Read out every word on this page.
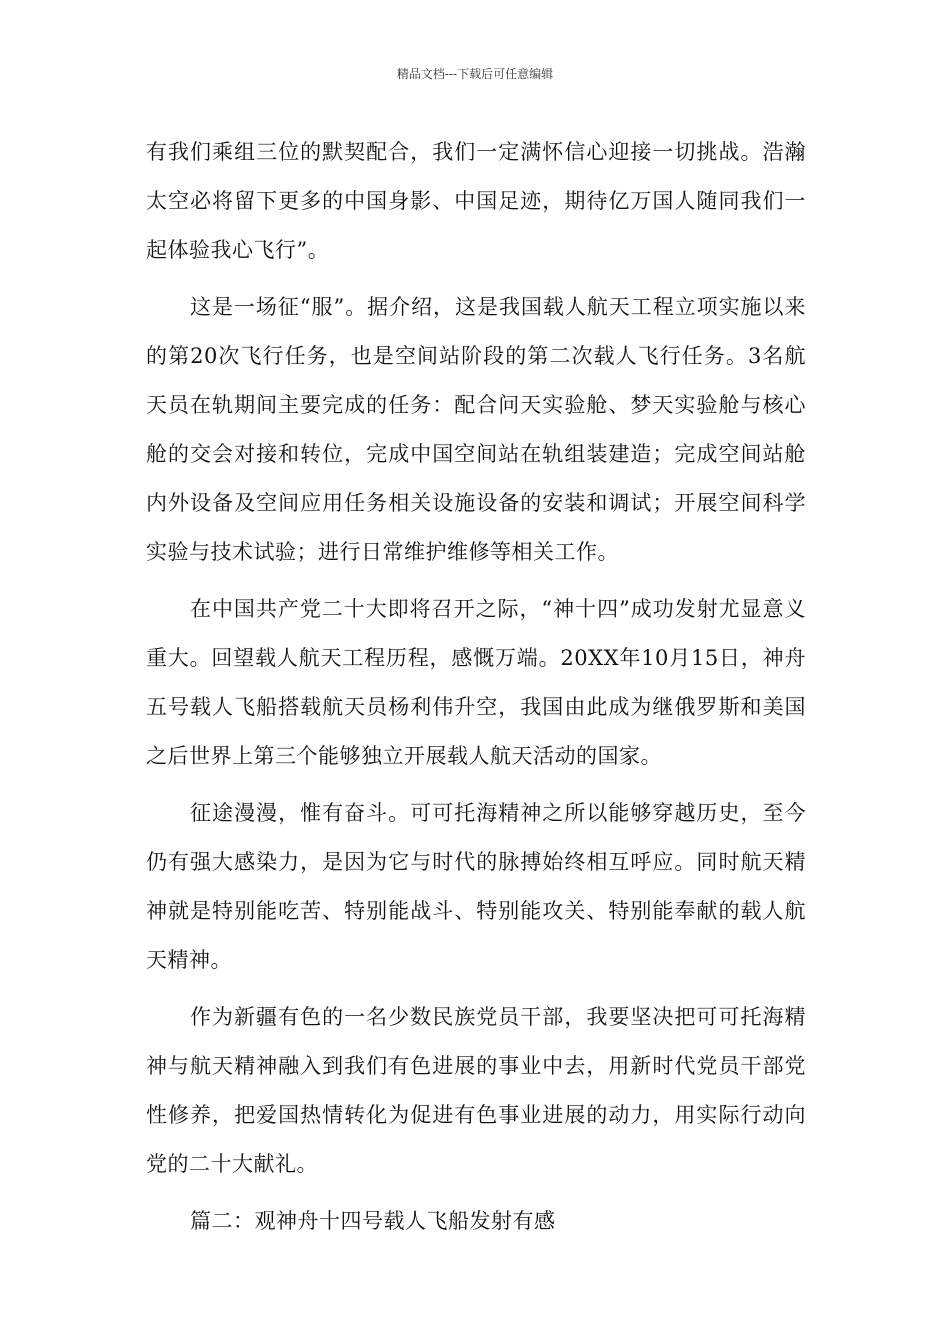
精品文档---下载后可任意编辑

有我们乘组三位的默契配合，我们一定满怀信心迎接一切挑战。浩瀚太空必将留下更多的中国身影、中国足迹，期待亿万国人随同我们一起体验我心飞行”。

这是一场征“服”。据介绍，这是我国载人航天工程立项实施以来的第20次飞行任务，也是空间站阶段的第二次载人飞行任务。3名航天员在轨期间主要完成的任务：配合问天实验舱、梦天实验舱与核心舱的交会对接和转位，完成中国空间站在轨组装建造；完成空间站舱内外设备及空间应用任务相关设施设备的安装和调试；开展空间科学实验与技术试验；进行日常维护维修等相关工作。

在中国共产党二十大即将召开之际，“神十四”成功发射尤显意义重大。回望载人航天工程历程，感慨万端。20XX年10月15日，神舟五号载人飞船搭载航天员杨利伟升空，我国由此成为继俄罗斯和美国之后世界上第三个能够独立开展载人航天活动的国家。

征途漫漫，惟有奋斗。可可托海精神之所以能够穿越历史，至今仍有强大感染力，是因为它与时代的脉搏始终相互呼应。同时航天精神就是特别能吃苦、特别能战斗、特别能攻关、特别能奉献的载人航天精神。

作为新疆有色的一名少数民族党员干部，我要坚决把可可托海精神与航天精神融入到我们有色进展的事业中去，用新时代党员干部党性修养，把爱国热情转化为促进有色事业进展的动力，用实际行动向党的二十大献礼。

篇二：观神舟十四号载人飞船发射有感
